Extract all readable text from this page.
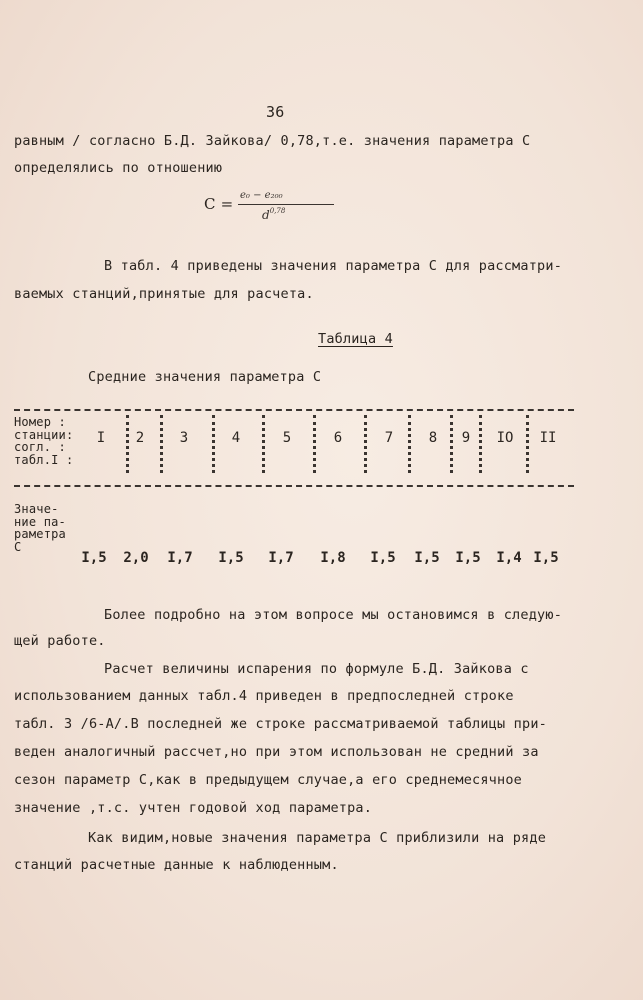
36
равным / согласно Б.Д. Зайкова/ 0,78,т.е. значения параметра С
определялись по отношению
C = e₀ − e₂₀₀
$d^{0,78}$
В табл. 4 приведены значения параметра С для рассматри-
ваемых станций,принятые для расчета.
Таблица 4
Средние значения параметра С
Номер :
станции:
согл. :
табл.I :
I	2	3	4	5	6	7	8	9	IO	II
Значе-
ние па-
раметра
С
I,5	2,0	I,7	I,5	I,7	I,8	I,5	I,5	I,5	I,4 I,5
Более подробно на этом вопросе мы остановимся в следую-
щей работе.
Расчет величины испарения по формуле Б.Д. Зайкова с
использованием данных табл.4 приведен в предпоследней строке
табл. 3 /6-А/.В последней же строке рассматриваемой таблицы при-
веден аналогичный рассчет,но при этом использован не средний за
сезон параметр С,как в предыдущем случае,а его среднемесячное
значение ,т.с. учтен годовой ход параметра.
Как видим,новые значения параметра С приблизили на ряде
станций расчетные данные к наблюденным.
